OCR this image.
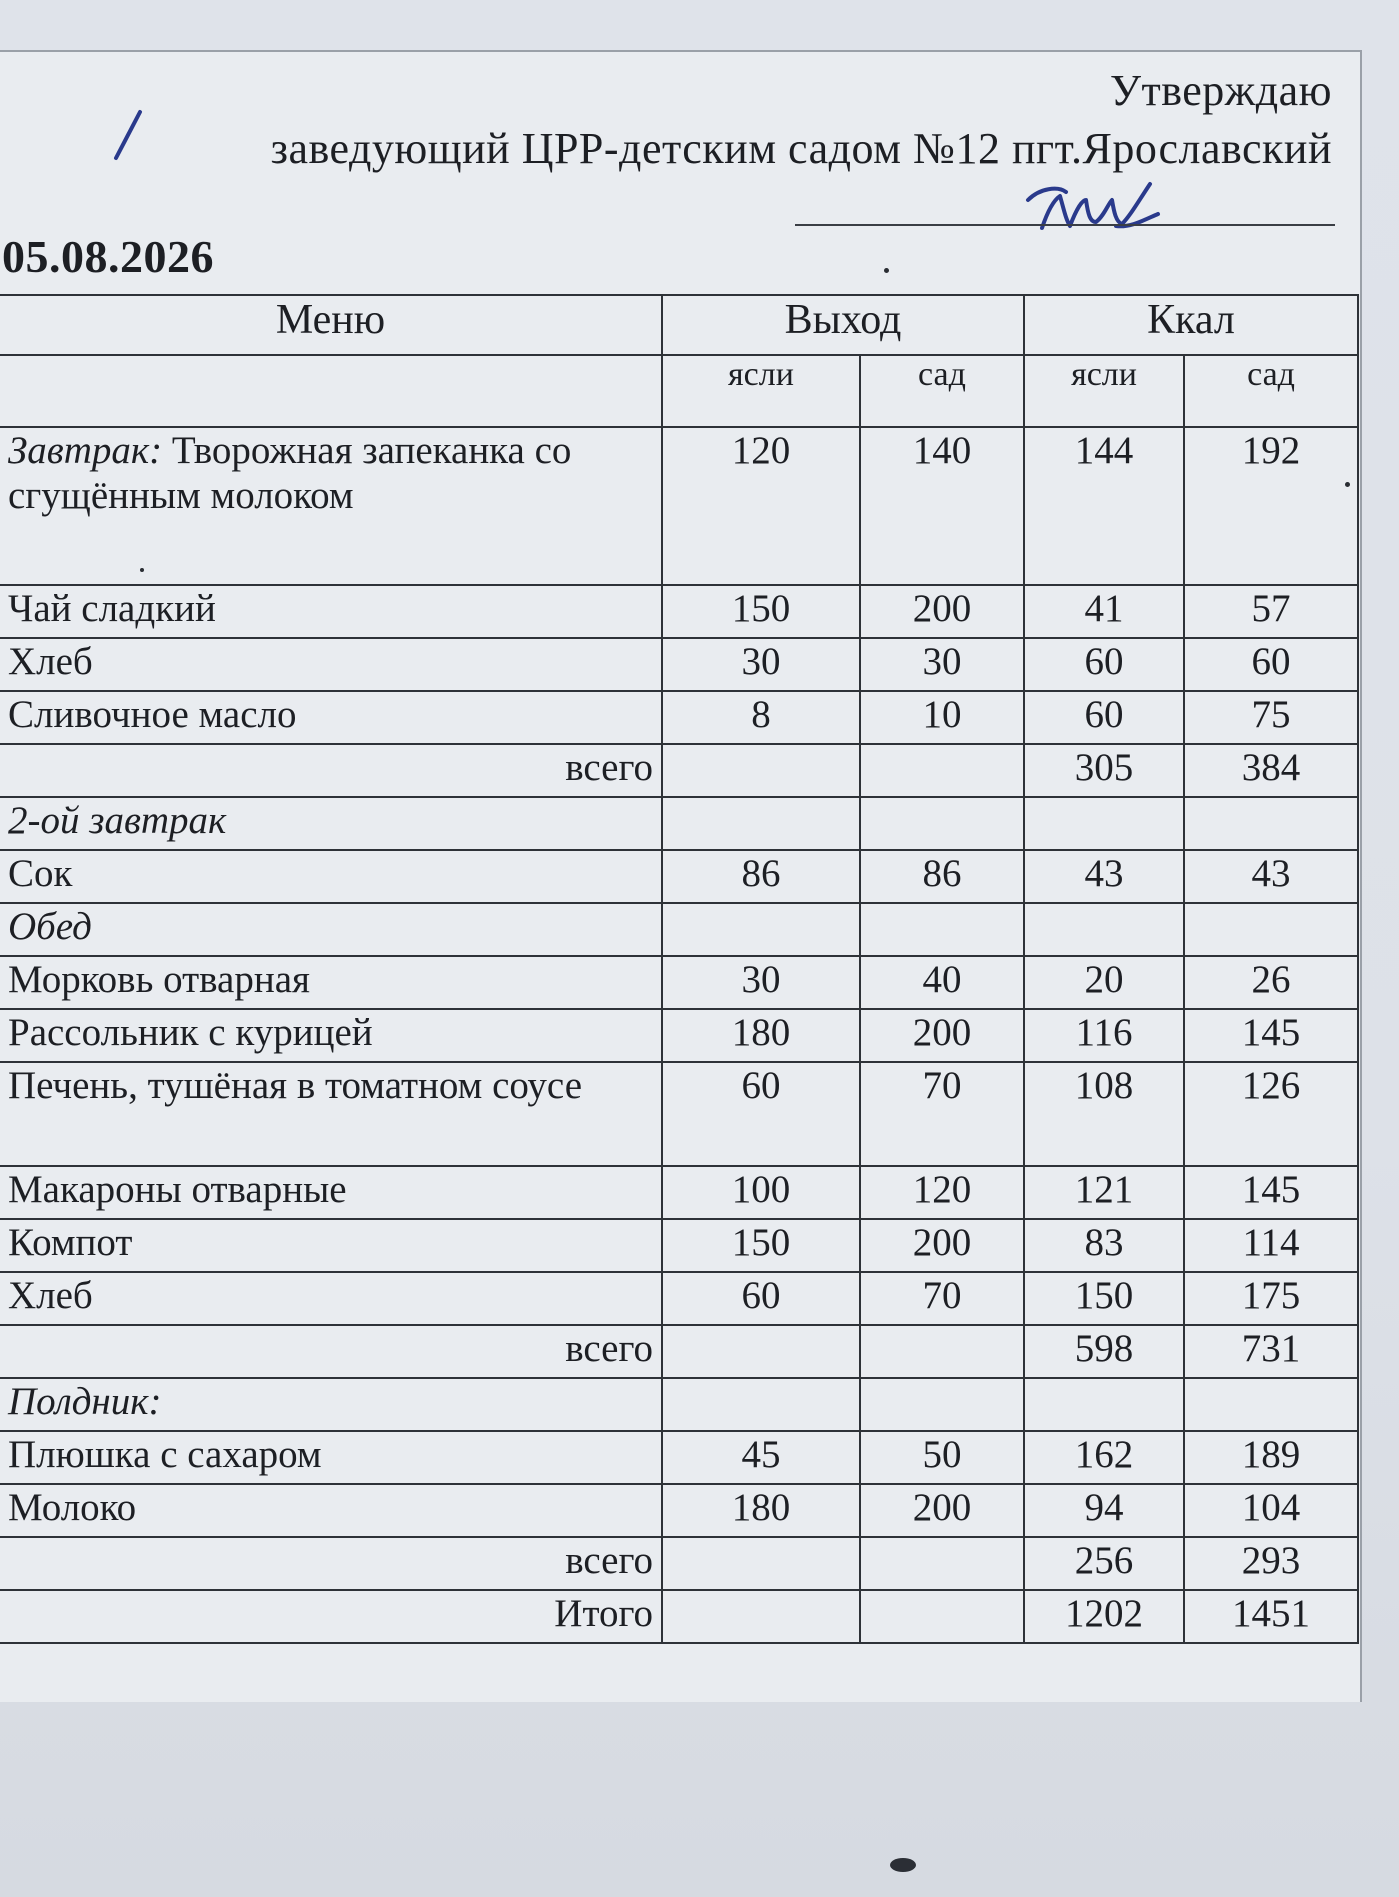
Утверждаю
заведующий ЦРР-детским садом №12 пгт.Ярославский
05.08.2026
Меню	Выход		Ккал	
	ясли	сад	ясли	сад
Завтрак: Творожная запеканка со сгущённым молоком	120	140	144	192
Чай сладкий	150	200	41	57
Хлеб	30	30	60	60
Сливочное масло	8	10	60	75
всего			305	384
2-ой завтрак				
Сок	86	86	43	43
Обед				
Морковь отварная	30	40	20	26
Рассольник с курицей	180	200	116	145
Печень, тушёная в томатном соусе	60	70	108	126
Макароны отварные	100	120	121	145
Компот	150	200	83	114
Хлеб	60	70	150	175
всего			598	731
Полдник:				
Плюшка с сахаром	45	50	162	189
Молоко	180	200	94	104
всего			256	293
Итого			1202	1451
